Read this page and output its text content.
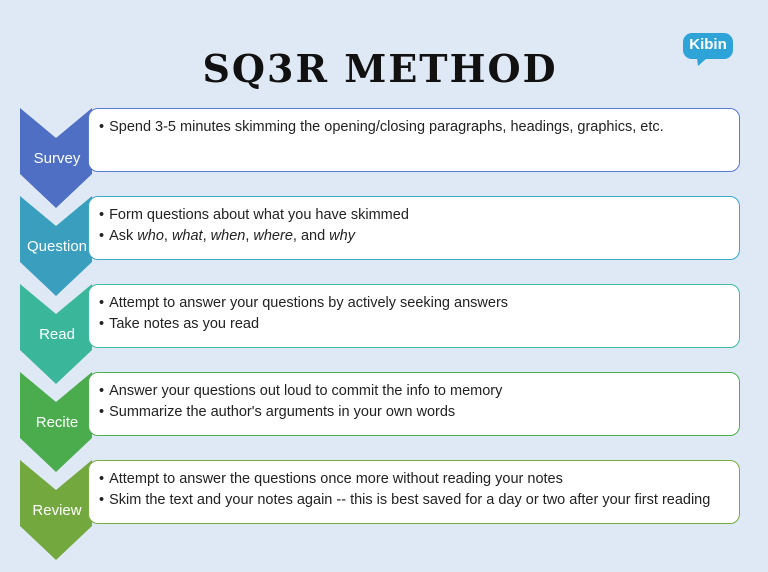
SQ3R METHOD
Kibin
• Spend 3-5 minutes skimming the opening/closing paragraphs, headings, graphics, etc.
Survey
• Form questions about what you have skimmed
• Ask who, what, when, where, and why
Question
• Attempt to answer your questions by actively seeking answers
• Take notes as you read
Read
• Answer your questions out loud to commit the info to memory
• Summarize the author's arguments in your own words
Recite
• Attempt to answer the questions once more without reading your notes
• Skim the text and your notes again -- this is best saved for a day or two after your first reading
Review
